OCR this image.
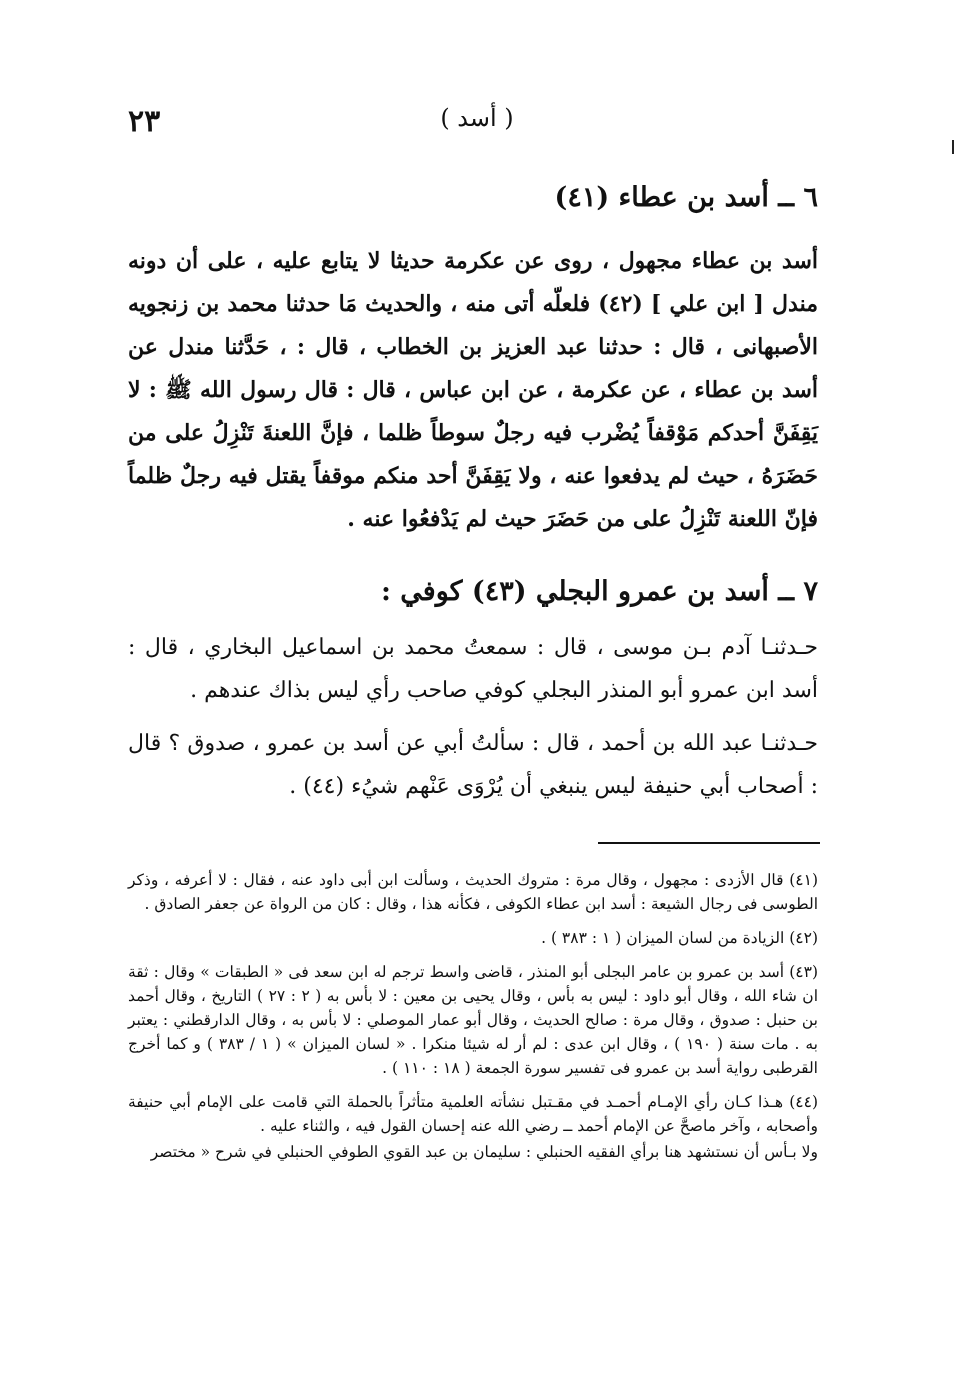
٢٣	( أسد )
٦ ــ أسد بن عطاء (٤١)

أسد بن عطاء مجهول ، روى عن عكرمة حديثا لا يتابع عليه ، على أن دونه مندل [ ابن علي ] (٤٢) فلعلّه أتى منه ، والحديث مَا حدثنا محمد بن زنجويه الأصبهانى ، قال : حدثنا عبد العزيز بن الخطاب ، قال : ، حَدَّثنا مندل عن أسد بن عطاء ، عن عكرمة ، عن ابن عباس ، قال : قال رسول الله ﷺ : لا يَقِفَنَّ أحدكم مَوْقفاً يُضْرب فيه رجلٌ سوطاً ظلما ، فإنَّ اللعنةَ تَنْزِلُ على من حَضَرَهُ ، حيث لم يدفعوا عنه ، ولا يَقِفَنَّ أحد منكم موقفاً يقتل فيه رجلٌ ظلماً فإنّ اللعنة تَنْزِلُ على من حَضَرَ حيث لم يَدْفعُوا عنه .

٧ ــ أسد بن عمرو البجلي (٤٣) كوفي :

حـدثنـا آدم بـن موسى ، قال : سمعتُ محمد بن اسماعيل البخاري ، قال : أسد ابن عمرو أبو المنذر البجلي كوفي صاحب رأي ليس بذاك عندهم .

حـدثنـا عبد الله بن أحمد ، قال : سألتُ أبي عن أسد بن عمرو ، صدوق ؟ قال : أصحاب أبي حنيفة ليس ينبغي أن يُرْوَى عَنْهم شيُء (٤٤) .

(٤١) قال الأزدى : مجهول ، وقال مرة : متروك الحديث ، وسألت ابن أبى داود عنه ، فقال : لا أعرفه ، وذكر الطوسى فى رجال الشيعة : أسد ابن عطاء الكوفى ، فكأنه هذا ، وقال : كان من الرواة عن جعفر الصادق .

(٤٢) الزيادة من لسان الميزان ( ١ : ٣٨٣ ) .

(٤٣) أسد بن عمرو بن عامر البجلى أبو المنذر ، قاضى واسط ترجم له ابن سعد فى « الطبقات » وقال : ثقة ان شاء الله ، وقال أبو داود : ليس به بأس ، وقال يحيى بن معين : لا بأس به ( ٢ : ٢٧ ) التاريخ ، وقال أحمد بن حنبل : صدوق ، وقال مرة : صالح الحديث ، وقال أبو عمار الموصلي : لا بأس به ، وقال الدارقطني : يعتبر به . مات سنة ( ١٩٠ ) ، وقال ابن عدى : لم أر له شيئا منكرا . « لسان الميزان » ( ١ / ٣٨٣ ) و كما أخرج القرطبى رواية أسد بن عمرو فى تفسير سورة الجمعة ( ١٨ : ١١٠ ) .

(٤٤) هـذا كـان رأي الإمـام أحمـد في مقـتبل نشأته العلمية متأثراً بالحملة التي قامت على الإمام أبي حنيفة وأصحابه ، وآخر ماصحَّ عن الإمام أحمد ــ رضي الله عنه إحسان القول فيه ، والثناء عليه .

ولا بـأس أن نستشهد هنا برأي الفقيه الحنبلي : سليمان بن عبد القوي الطوفي الحنبلي في شرح « مختصر
